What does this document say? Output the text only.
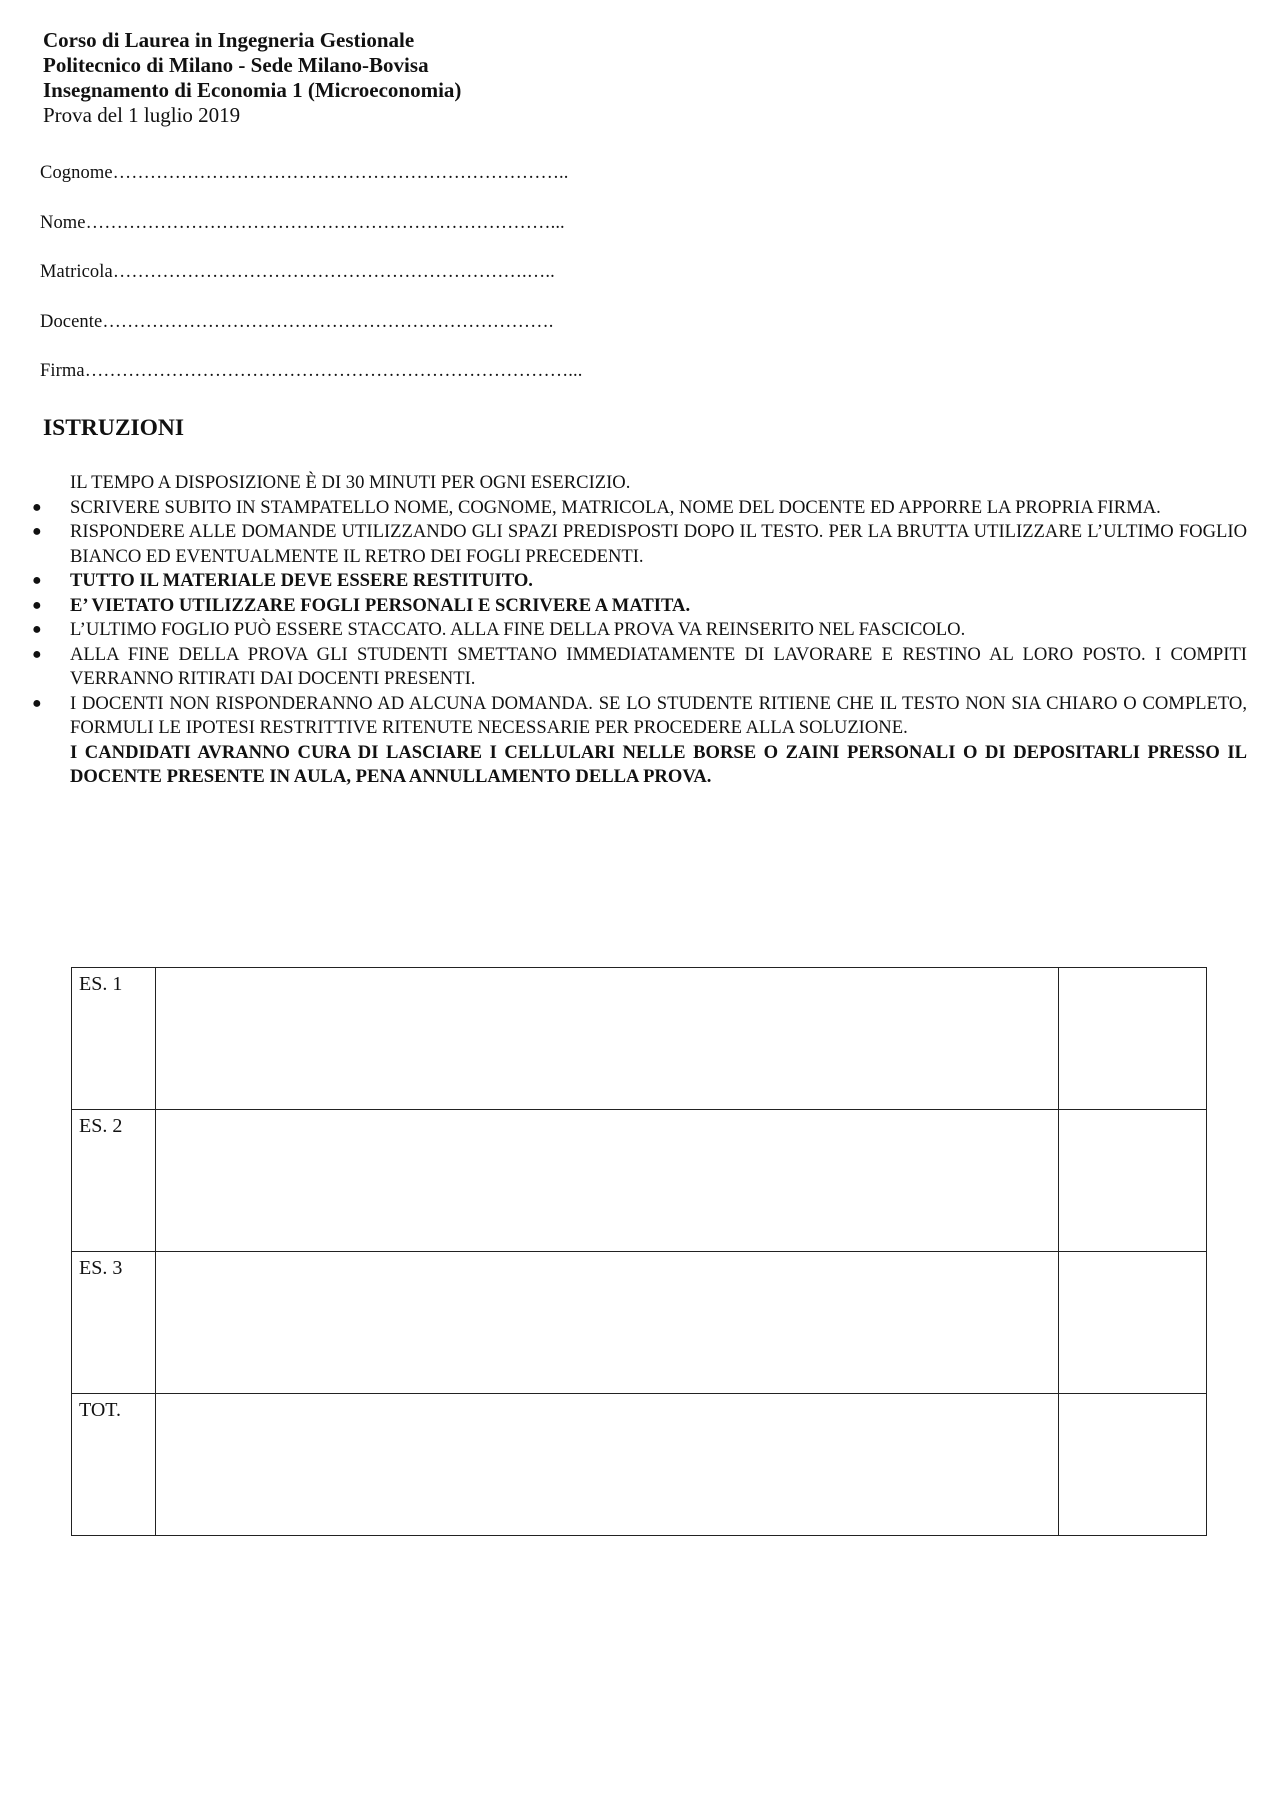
Corso di Laurea in Ingegneria Gestionale
Politecnico di Milano - Sede Milano-Bovisa
Insegnamento di Economia 1 (Microeconomia)
Prova del 1 luglio 2019
Cognome………………………………………………………………..
Nome…………………………………………………………………...
Matricola………………………………………………………….…..
Docente……………………………………………………………….
Firma……………………………………………………………………...
ISTRUZIONI
IL TEMPO A DISPOSIZIONE È DI 30 MINUTI PER OGNI ESERCIZIO.
● SCRIVERE SUBITO IN STAMPATELLO NOME, COGNOME, MATRICOLA, NOME DEL DOCENTE ED APPORRE LA PROPRIA FIRMA.
● RISPONDERE ALLE DOMANDE UTILIZZANDO GLI SPAZI PREDISPOSTI DOPO IL TESTO. PER LA BRUTTA UTILIZZARE L’ULTIMO FOGLIO BIANCO ED EVENTUALMENTE IL RETRO DEI FOGLI PRECEDENTI.
● TUTTO IL MATERIALE DEVE ESSERE RESTITUITO.
● E’ VIETATO UTILIZZARE FOGLI PERSONALI E SCRIVERE A MATITA.
● L’ULTIMO FOGLIO PUÒ ESSERE STACCATO. ALLA FINE DELLA PROVA VA REINSERITO NEL FASCICOLO.
● ALLA FINE DELLA PROVA GLI STUDENTI SMETTANO IMMEDIATAMENTE DI LAVORARE E RESTINO AL LORO POSTO. I COMPITI VERRANNO RITIRATI DAI DOCENTI PRESENTI.
● I DOCENTI NON RISPONDERANNO AD ALCUNA DOMANDA. SE LO STUDENTE RITIENE CHE IL TESTO NON SIA CHIARO O COMPLETO, FORMULI LE IPOTESI RESTRITTIVE RITENUTE NECESSARIE PER PROCEDERE ALLA SOLUZIONE.
I CANDIDATI AVRANNO CURA DI LASCIARE I CELLULARI NELLE BORSE O ZAINI PERSONALI O DI DEPOSITARLI PRESSO IL DOCENTE PRESENTE IN AULA, PENA ANNULLAMENTO DELLA PROVA.
ES. 1		
ES. 2		
ES. 3		
TOT.		
